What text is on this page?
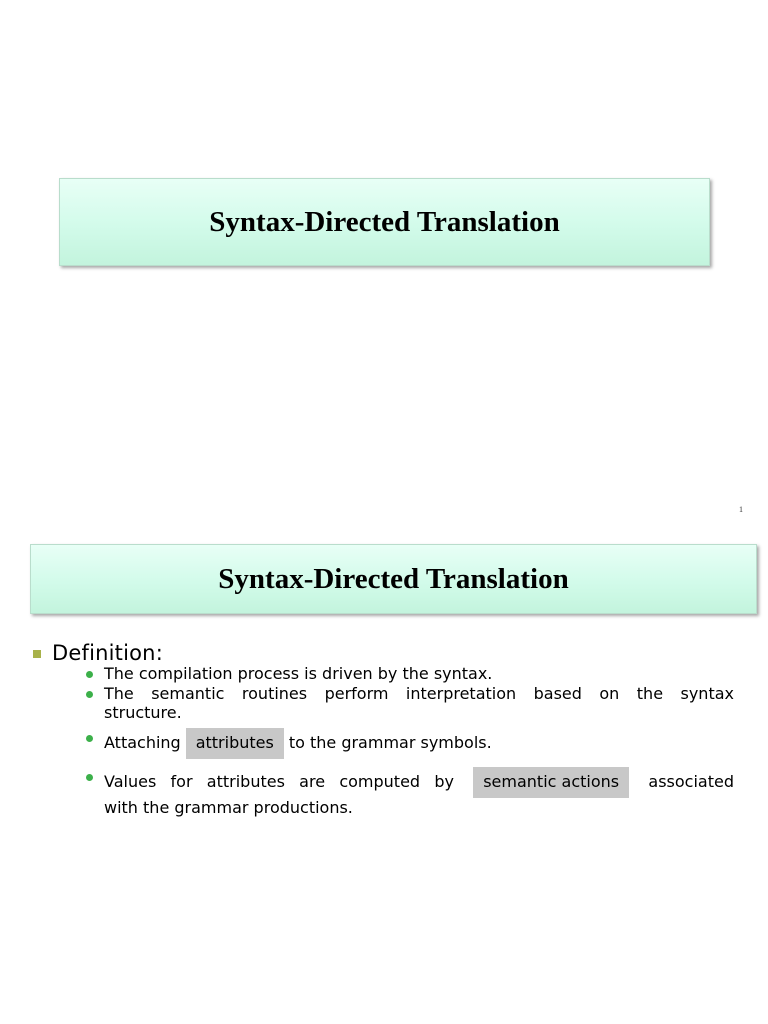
Syntax-Directed Translation
1
Syntax-Directed Translation
Definition:
The compilation process is driven by the syntax.
The semantic routines perform interpretation based on the syntax
structure.
Attaching attributes to the grammar symbols.
Values for attributes are computed by semantic actions associated
with the grammar productions.
